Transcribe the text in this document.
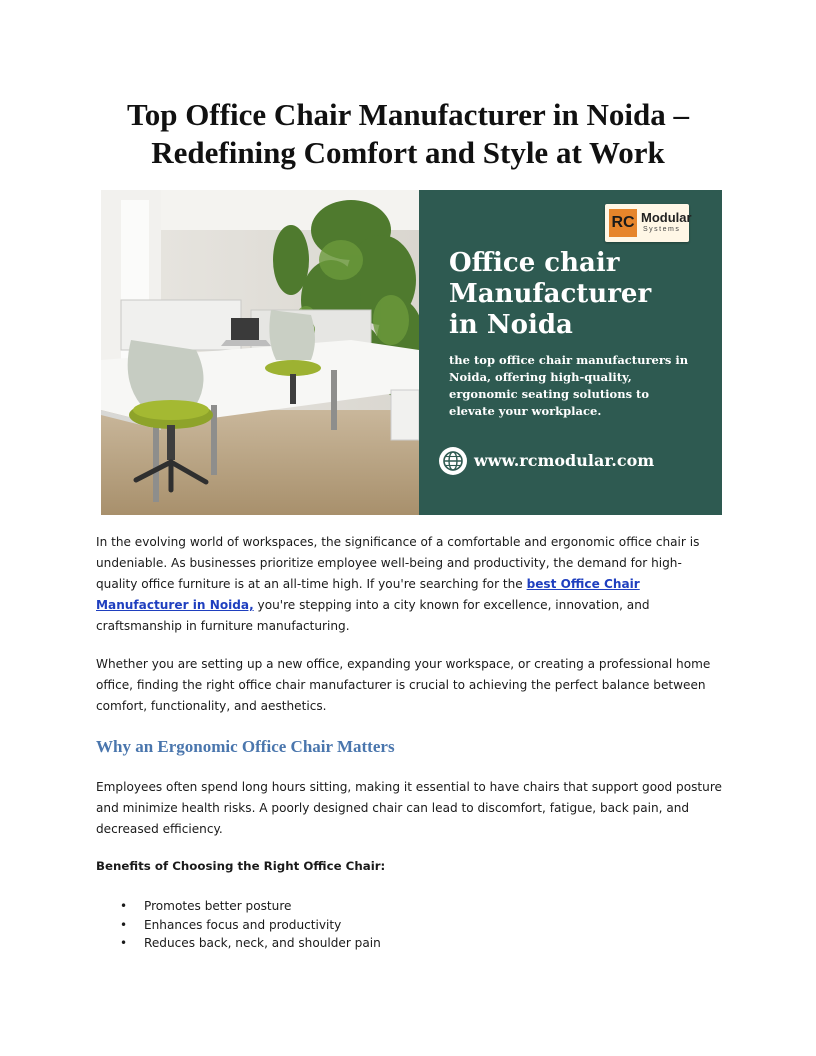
Top Office Chair Manufacturer in Noida – Redefining Comfort and Style at Work
RC Modular
Systems
Office chair
Manufacturer
in Noida
the top office chair manufacturers in Noida, offering high-quality, ergonomic seating solutions to elevate your workplace.
www.rcmodular.com

In the evolving world of workspaces, the significance of a comfortable and ergonomic office chair is undeniable. As businesses prioritize employee well-being and productivity, the demand for high-quality office furniture is at an all-time high. If you're searching for the best Office Chair Manufacturer in Noida, you're stepping into a city known for excellence, innovation, and craftsmanship in furniture manufacturing.

Whether you are setting up a new office, expanding your workspace, or creating a professional home office, finding the right office chair manufacturer is crucial to achieving the perfect balance between comfort, functionality, and aesthetics.

Why an Ergonomic Office Chair Matters

Employees often spend long hours sitting, making it essential to have chairs that support good posture and minimize health risks. A poorly designed chair can lead to discomfort, fatigue, back pain, and decreased efficiency.

Benefits of Choosing the Right Office Chair:

• Promotes better posture
• Enhances focus and productivity
• Reduces back, neck, and shoulder pain
